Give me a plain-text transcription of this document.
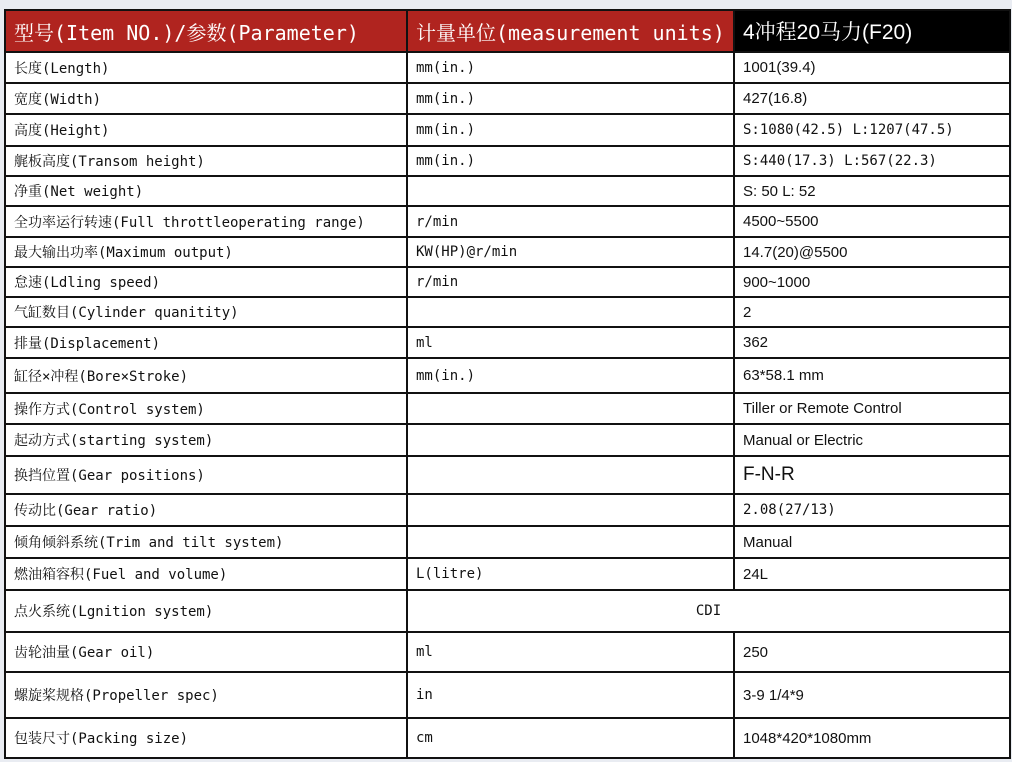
型号(Item NO.)/参数(Parameter)	计量单位(measurement units)	4冲程20马力(F20)
长度(Length)	mm(in.)	1001(39.4)
宽度(Width)	mm(in.)	427(16.8)
高度(Height)	mm(in.)	S:1080(42.5) L:1207(47.5)
艉板高度(Transom height)	mm(in.)	S:440(17.3) L:567(22.3)
净重(Net weight)		S: 50 L: 52
全功率运行转速(Full throttleoperating range)	r/min	4500~5500
最大输出功率(Maximum output)	KW(HP)@r/min	14.7(20)@5500
怠速(Ldling speed)	r/min	900~1000
气缸数目(Cylinder quanitity)		2
排量(Displacement)	ml	362
缸径×冲程(Bore×Stroke)	mm(in.)	63*58.1 mm
操作方式(Control system)		Tiller or Remote Control
起动方式(starting system)		Manual or Electric
换挡位置(Gear positions)		F-N-R
传动比(Gear ratio)		2.08(27/13)
倾角倾斜系统(Trim and tilt system)		Manual
燃油箱容积(Fuel and volume)	L(litre)	24L
点火系统(Lgnition system)	CDI	
齿轮油量(Gear oil)	ml	250
螺旋桨规格(Propeller spec)	in	3-9 1/4*9
包装尺寸(Packing size)	cm	1048*420*1080mm
